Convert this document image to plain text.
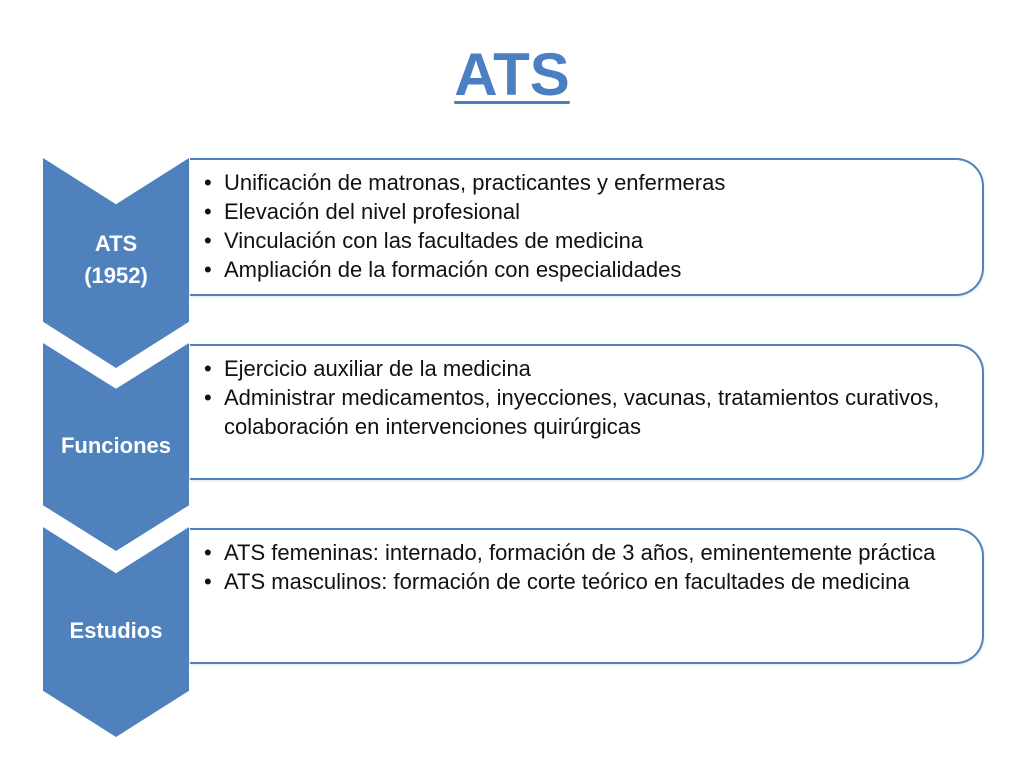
ATS
ATS
(1952)
• Unificación de matronas, practicantes y enfermeras
• Elevación del nivel profesional
• Vinculación con las facultades de medicina
• Ampliación de la formación con especialidades
Funciones
• Ejercicio auxiliar de la medicina
• Administrar medicamentos, inyecciones, vacunas, tratamientos curativos, colaboración en intervenciones quirúrgicas
Estudios
• ATS femeninas: internado, formación de 3 años, eminentemente práctica
• ATS masculinos: formación de corte teórico en facultades de medicina
